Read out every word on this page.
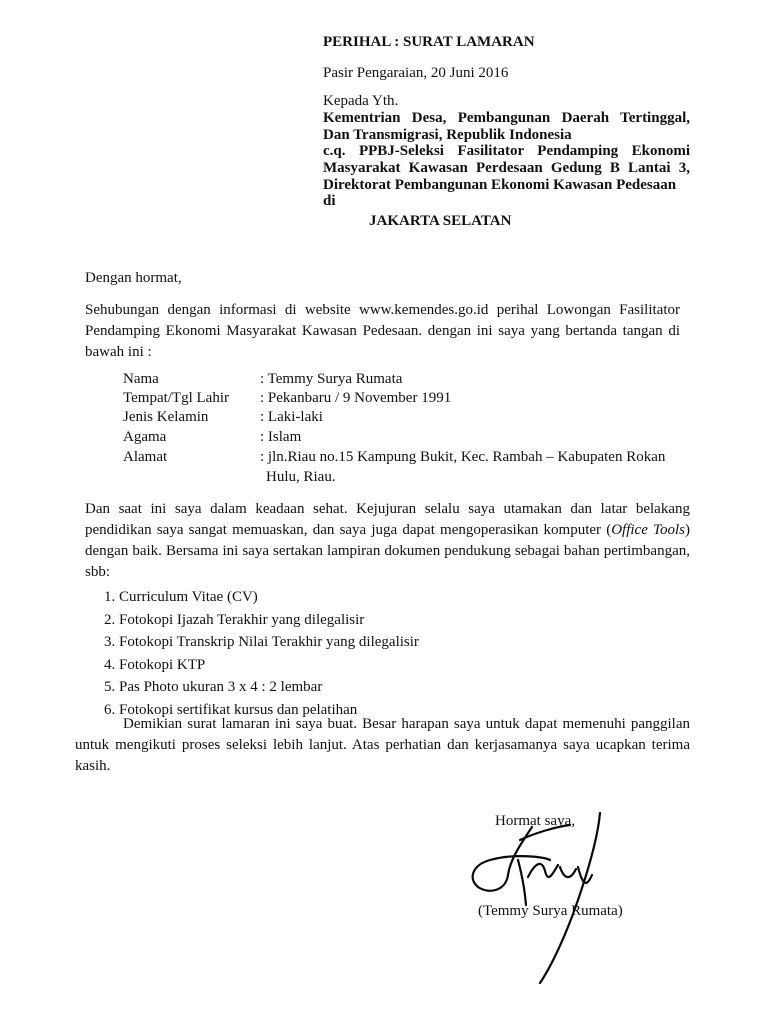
PERIHAL : SURAT LAMARAN
Pasir Pengaraian, 20 Juni 2016
Kepada Yth.
Kementrian Desa, Pembangunan Daerah Tertinggal,
Dan Transmigrasi, Republik Indonesia
c.q. PPBJ-Seleksi Fasilitator Pendamping Ekonomi
Masyarakat Kawasan Perdesaan Gedung B Lantai 3,
Direktorat Pembangunan Ekonomi Kawasan Pedesaan
di
JAKARTA SELATAN
Dengan hormat,

Sehubungan dengan informasi di website www.kemendes.go.id perihal Lowongan Fasilitator Pendamping Ekonomi Masyarakat Kawasan Pedesaan. dengan ini saya yang bertanda tangan di bawah ini :

Nama	: Temmy Surya Rumata
Tempat/Tgl Lahir : Pekanbaru / 9 November 1991
Jenis Kelamin	: Laki-laki
Agama	: Islam
Alamat	: jln.Riau no.15 Kampung Bukit, Kec. Rambah – Kabupaten Rokan
Hulu, Riau.

Dan saat ini saya dalam keadaan sehat. Kejujuran selalu saya utamakan dan latar belakang pendidikan saya sangat memuaskan, dan saya juga dapat mengoperasikan komputer (Office Tools) dengan baik. Bersama ini saya sertakan lampiran dokumen pendukung sebagai bahan pertimbangan, sbb:

1. Curriculum Vitae (CV)
2. Fotokopi Ijazah Terakhir yang dilegalisir
3. Fotokopi Transkrip Nilai Terakhir yang dilegalisir
4. Fotokopi KTP
5. Pas Photo ukuran 3 x 4 : 2 lembar
6. Fotokopi sertifikat kursus dan pelatihan

Demikian surat lamaran ini saya buat. Besar harapan saya untuk dapat memenuhi panggilan untuk mengikuti proses seleksi lebih lanjut. Atas perhatian dan kerjasamanya saya ucapkan terima kasih.

Hormat saya,
(Temmy Surya Rumata)
